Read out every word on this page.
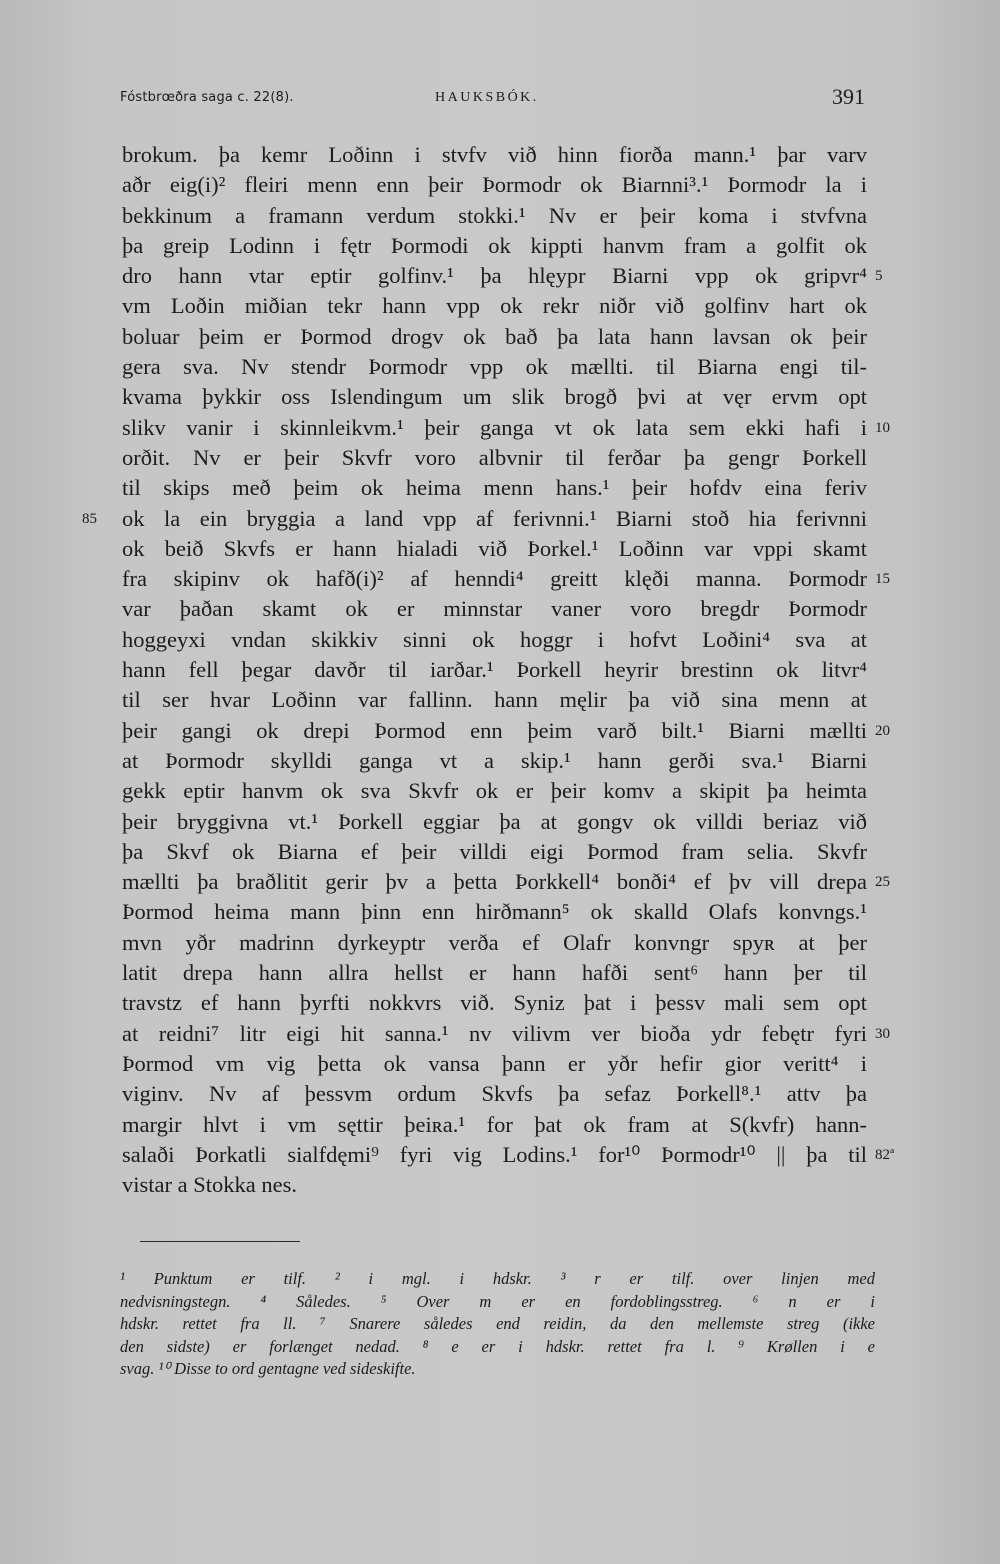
Fóstbrœðra saga c. 22(8).	HAUKSBÓK.	391
brokum. þa kemr Loðinn i stvfv við hinn fiorða mann.¹ þar varv
aðr eig(i)² fleiri menn enn þeir Þormodr ok Biarnni³.¹ Þormodr la i
bekkinum a framann verdum stokki.¹ Nv er þeir koma i stvfvna
þa greip Lodinn i fętr Þormodi ok kippti hanvm fram a golfit ok
dro hann vtar eptir golfinv.¹ þa hlęypr Biarni vpp ok gripvr⁴ 5
vm Loðin miðian tekr hann vpp ok rekr niðr við golfinv hart ok
boluar þeim er Þormod drogv ok bað þa lata hann lavsan ok þeir
gera sva. Nv stendr Þormodr vpp ok mællti. til Biarna engi til-
kvama þykkir oss Islendingum um slik brogð þvi at vęr ervm opt
slikv vanir i skinnleikvm.¹ þeir ganga vt ok lata sem ekki hafi i 10
orðit. Nv er þeir Skvfr voro albvnir til ferðar þa gengr Þorkell
til skips með þeim ok heima menn hans.¹ þeir hofdv eina feriv
ok la ein bryggia a land vpp af ferivnni.¹ Biarni stoð hia ferivnni
85
ok beið Skvfs er hann hialadi við Þorkel.¹ Loðinn var vppi skamt
fra skipinv ok hafð(i)² af henndi⁴ greitt klęði manna. Þormodr 15
var þaðan skamt ok er minnstar vaner voro bregdr Þormodr
hoggeyxi vndan skikkiv sinni ok hoggr i hofvt Loðini⁴ sva at
hann fell þegar davðr til iarðar.¹ Þorkell heyrir brestinn ok litvr⁴
til ser hvar Loðinn var fallinn. hann męlir þa við sina menn at
þeir gangi ok drepi Þormod enn þeim varð bilt.¹ Biarni mællti 20
at Þormodr skylldi ganga vt a skip.¹ hann gerði sva.¹ Biarni
gekk eptir hanvm ok sva Skvfr ok er þeir komv a skipit þa heimta
þeir bryggivna vt.¹ Þorkell eggiar þa at gongv ok villdi beriaz við
þa Skvf ok Biarna ef þeir villdi eigi Þormod fram selia. Skvfr
mællti þa braðlitit gerir þv a þetta Þorkkell⁴ bonði⁴ ef þv vill drepa 25
Þormod heima mann þinn enn hirðmann⁵ ok skalld Olafs konvngs.¹
mvn yðr madrinn dyrkeyptr verða ef Olafr konvngr spyʀ at þer
latit drepa hann allra hellst er hann hafði sent⁶ hann þer til
travstz ef hann þyrfti nokkvrs við. Syniz þat i þessv mali sem opt
at reidni⁷ litr eigi hit sanna.¹ nv vilivm ver bioða ydr febętr fyri 30
Þormod vm vig þetta ok vansa þann er yðr hefir gior veritt⁴ i
viginv. Nv af þessvm ordum Skvfs þa sefaz Þorkell⁸.¹ attv þa
margir hlvt i vm sęttir þeiʀa.¹ for þat ok fram at S(kvfr) hann-
salaði Þorkatli sialfdęmi⁹ fyri vig Lodins.¹ for¹⁰ Þormodr¹⁰ || þa til 82ª
vistar a Stokka nes.
¹ Punktum er tilf. ² i mgl. i hdskr. ³ r er tilf. over linjen med
nedvisningstegn. ⁴ Således. ⁵ Over m er en fordoblingsstreg. ⁶ n er i
hdskr. rettet fra ll. ⁷ Snarere således end reidin, da den mellemste streg (ikke
den sidste) er forlænget nedad. ⁸ e er i hdskr. rettet fra l. ⁹ Krøllen i e
svag. ¹⁰ Disse to ord gentagne ved sideskifte.
